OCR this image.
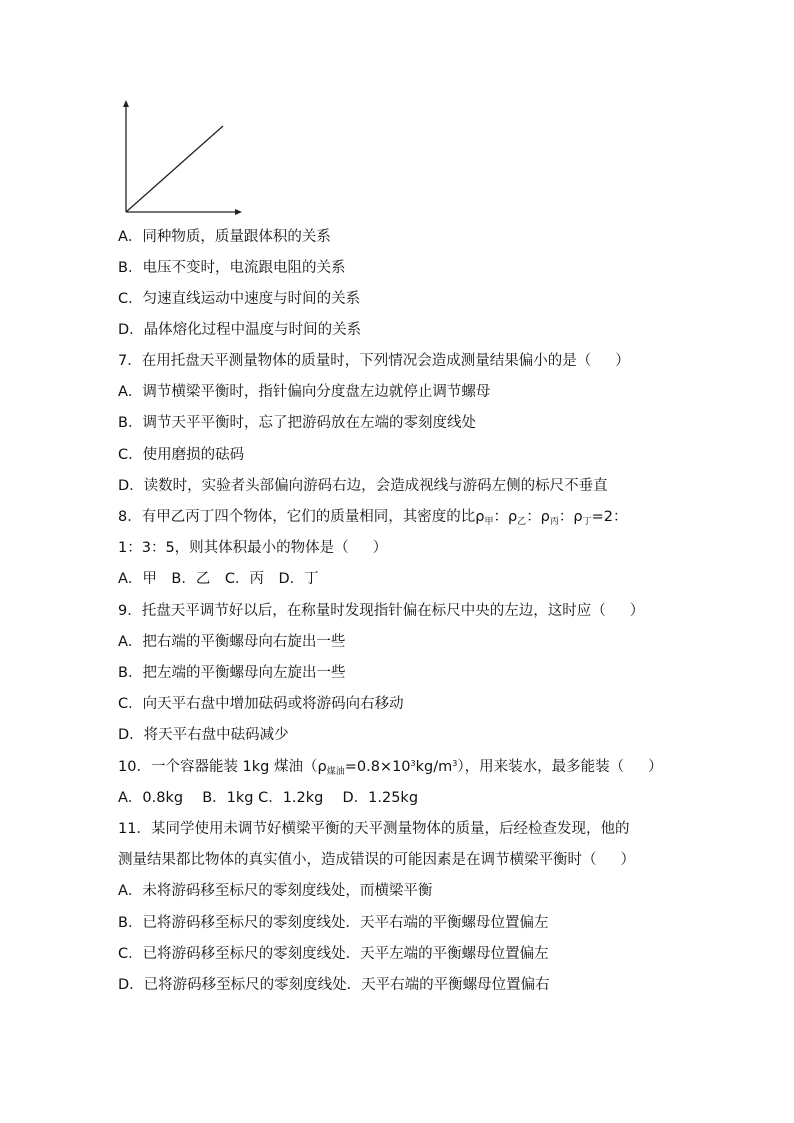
A．同种物质，质量跟体积的关系
B．电压不变时，电流跟电阻的关系
C．匀速直线运动中速度与时间的关系
D．晶体熔化过程中温度与时间的关系
7．在用托盘天平测量物体的质量时，下列情况会造成测量结果偏小的是（ ）
A．调节横梁平衡时，指针偏向分度盘左边就停止调节螺母
B．调节天平平衡时，忘了把游码放在左端的零刻度线处
C．使用磨损的砝码
D．读数时，实验者头部偏向游码右边，会造成视线与游码左侧的标尺不垂直
8．有甲乙丙丁四个物体，它们的质量相同，其密度的比$\rho_甲$：$\rho_乙$：$\rho_丙$：$\rho_丁=2$：
1：3：5，则其体积最小的物体是（ ）
A．甲　B．乙　C．丙　D．丁
9．托盘天平调节好以后，在称量时发现指针偏在标尺中央的左边，这时应（ ）
A．把右端的平衡螺母向右旋出一些
B．把左端的平衡螺母向左旋出一些
C．向天平右盘中增加砝码或将游码向右移动
D．将天平右盘中砝码减少
10．一个容器能装 1kg 煤油$(\rho_{煤油}=0.8\times 10^3kg/m^3)$，用来装水，最多能装（ ）
A．0.8kg　 B．1kg C．1.2kg　 D．1.25kg
11．某同学使用未调节好横梁平衡的天平测量物体的质量，后经检查发现，他的
测量结果都比物体的真实值小，造成错误的可能因素是在调节横梁平衡时（ ）
A．未将游码移至标尺的零刻度线处，而横梁平衡
B．已将游码移至标尺的零刻度线处．天平右端的平衡螺母位置偏左
C．已将游码移至标尺的零刻度线处．天平左端的平衡螺母位置偏左
D．已将游码移至标尺的零刻度线处．天平右端的平衡螺母位置偏右
